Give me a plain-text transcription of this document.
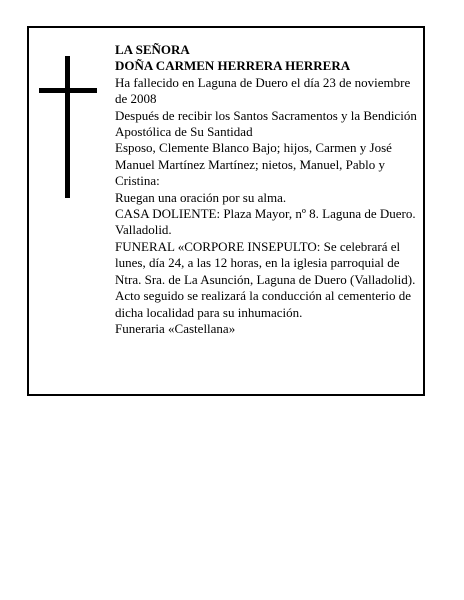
LA SEÑORA

DOÑA CARMEN HERRERA HERRERA

Ha fallecido en Laguna de Duero el día 23 de noviembre de 2008

Después de recibir los Santos Sacramentos y la Bendición Apostólica de Su Santidad

Esposo, Clemente Blanco Bajo; hijos, Carmen y José Manuel Martínez Martínez; nietos, Manuel, Pablo y Cristina:

Ruegan una oración por su alma.

CASA DOLIENTE: Plaza Mayor, nº 8. Laguna de Duero. Valladolid.

FUNERAL «CORPORE INSEPULTO: Se celebrará el lunes, día 24, a las 12 horas, en la iglesia parroquial de Ntra. Sra. de La Asunción, Laguna de Duero (Valladolid). Acto seguido se realizará la conducción al cementerio de dicha localidad para su inhumación.

Funeraria «Castellana»
